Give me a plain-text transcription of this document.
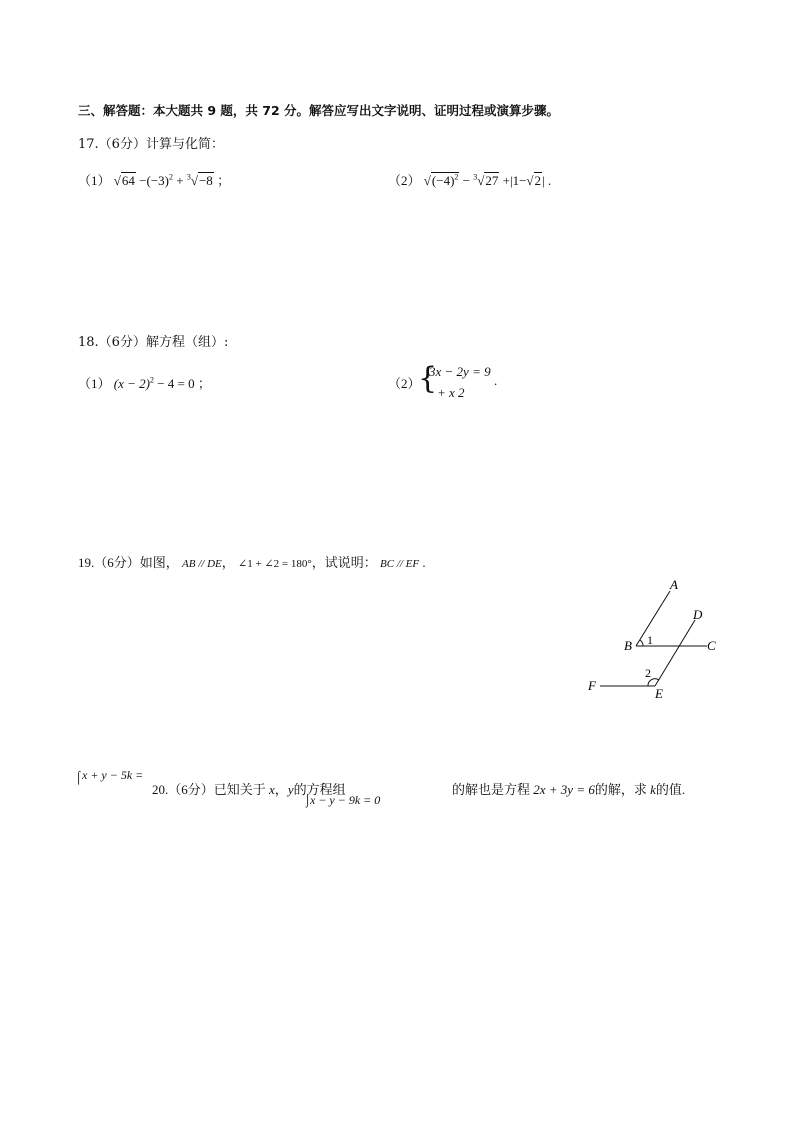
三、解答题：本大题共 9 题，共 72 分。解答应写出文字说明、证明过程或演算步骤。
17.（6分）计算与化简：
（1） $√64 -(-3)^2 + ^3√-8$ ；	（2） $√(-4)^2 - ^3√27 +|1-√2|$ .
18.（6分）解方程（组）:
（1） $(x - 2)^2 - 4 = 0$ ；	（2）
{
3x − 2y = 9
+ x 2
.
19.（6分）如图， AB // DE， ∠1 + ∠2 = 180°，试说明： BC // EF .
A
D
B 1	C
2
F
E
⌠ x + y − 5k =
20.（6分）已知关于 x，y的方程组
⌡
x − y − 9k = 0
的解也是方程 2x + 3y = 6的解，求 k的值.
